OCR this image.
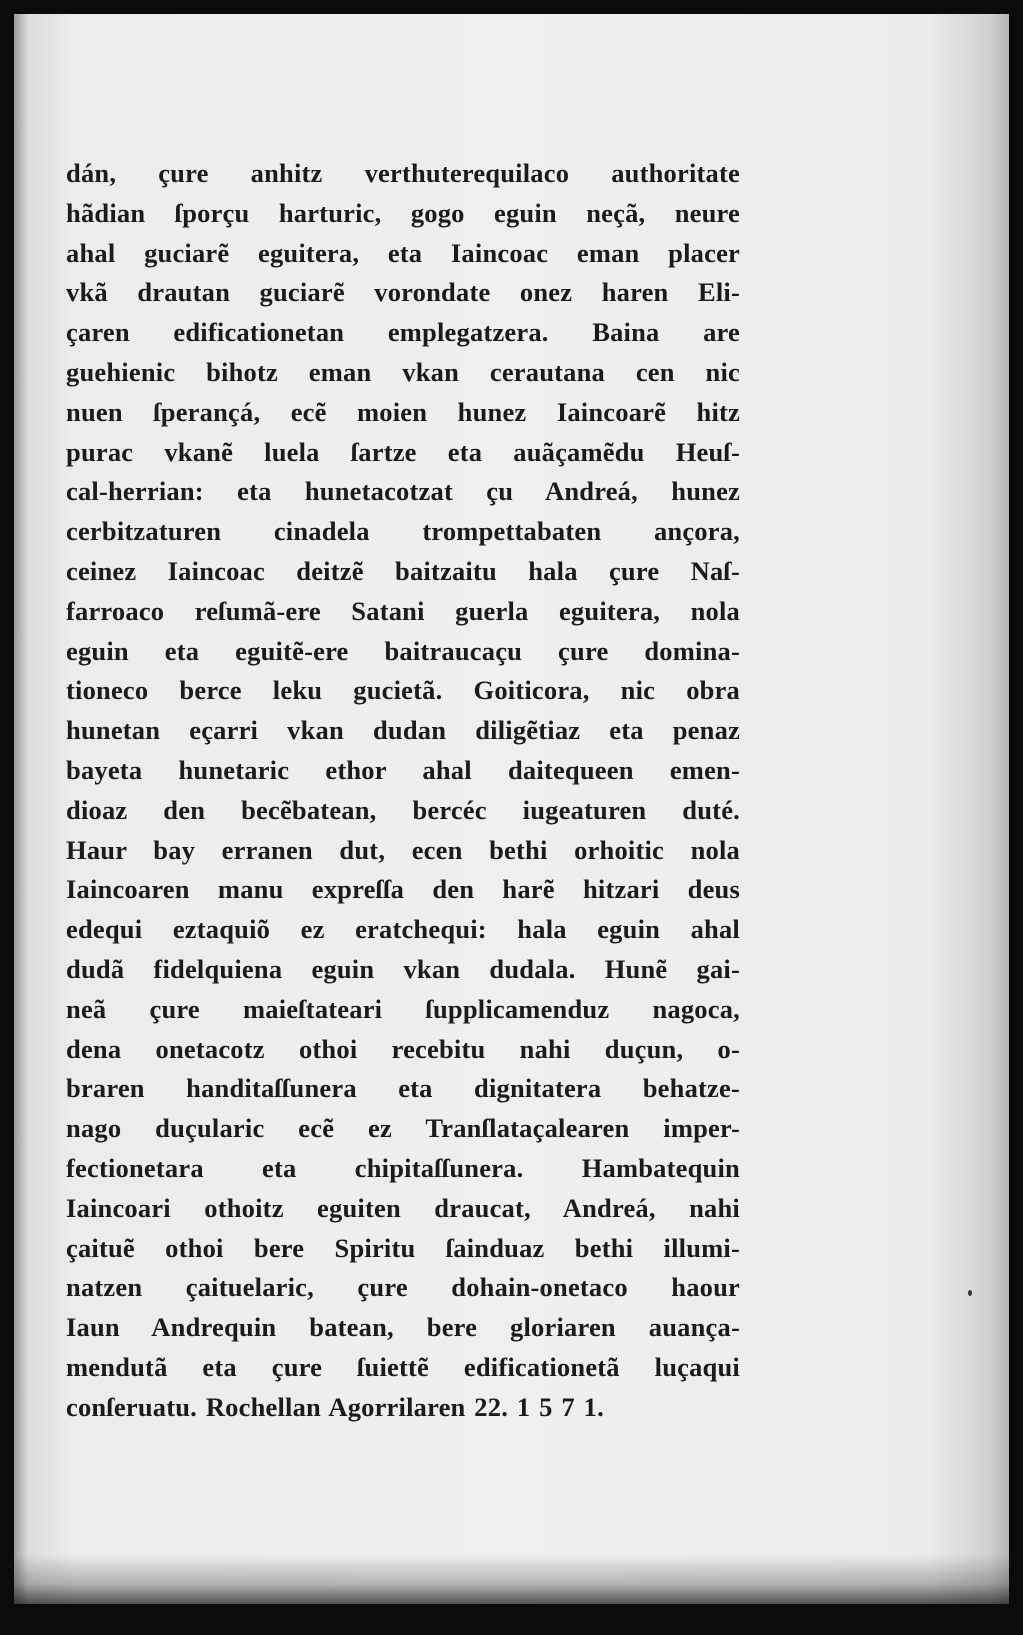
dán, çure anhitz verthuterequilaco authoritate
hãdian ſporçu harturic, gogo eguin neçã, neure
ahal guciarẽ eguitera, eta Iaincoac eman placer
vkã drautan guciarẽ vorondate onez haren Eli-
çaren edificationetan emplegatzera. Baina are
guehienic bihotz eman vkan cerautana cen nic
nuen ſperançá, ecẽ moien hunez Iaincoarẽ hitz
purac vkanẽ luela ſartze eta auãçamẽdu Heuſ-
cal-herrian: eta hunetacotzat çu Andreá, hunez
cerbitzaturen cinadela trompettabaten ançora,
ceinez Iaincoac deitzẽ baitzaitu hala çure Naſ-
farroaco reſumã-ere Satani guerla eguitera, nola
eguin eta eguitẽ-ere baitraucaçu çure domina-
tioneco berce leku gucietã. Goiticora, nic obra
hunetan eçarri vkan dudan diligẽtiaz eta penaz
bayeta hunetaric ethor ahal daitequeen emen-
dioaz den becẽbatean, bercéc iugeaturen duté.
Haur bay erranen dut, ecen bethi orhoitic nola
Iaincoaren manu expreſſa den harẽ hitzari deus
edequi eztaquiõ ez eratchequi: hala eguin ahal
dudã fidelquiena eguin vkan dudala. Hunẽ gai-
neã çure maieſtateari ſupplicamenduz nagoca,
dena onetacotz othoi recebitu nahi duçun, o-
braren handitaſſunera eta dignitatera behatze-
nago duçularic ecẽ ez Tranſlataçalearen imper-
fectionetara eta chipitaſſunera. Hambatequin
Iaincoari othoitz eguiten draucat, Andreá, nahi
çaituẽ othoi bere Spiritu ſainduaz bethi illumi-
natzen çaituelaric, çure dohain-onetaco haour
Iaun Andrequin batean, bere gloriaren auança-
mendutã eta çure ſuiettẽ edificationetã luçaqui
conſeruatu. Rochellan Agorrilaren 22. 1 5 7 1.
